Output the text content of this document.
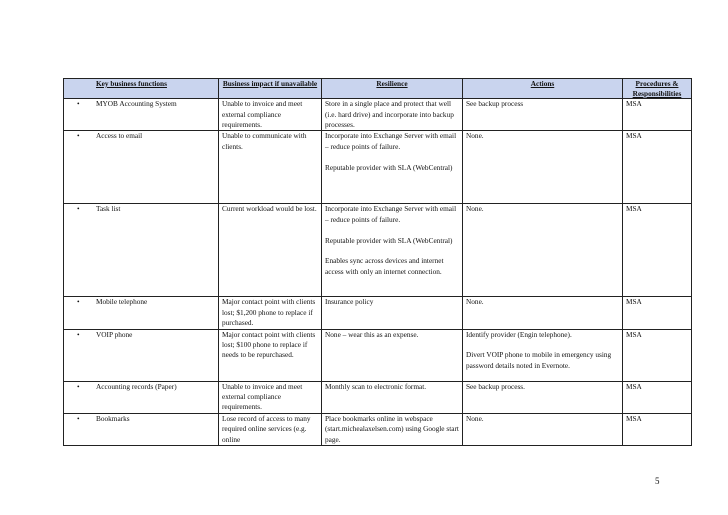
Key business functions	Business impact if unavailable	Resilience	Actions	Procedures & Responsibilities

• MYOB Accounting System	Unable to invoice and meet external compliance requirements.	Store in a single place and protect that well (i.e. hard drive) and incorporate into backup processes.	See backup process	MSA

• Access to email	Unable to communicate with clients.	Incorporate into Exchange Server with email – reduce points of failure.
Reputable provider with SLA (WebCentral)	None.	MSA

• Task list	Current workload would be lost.	Incorporate into Exchange Server with email – reduce points of failure.
Reputable provider with SLA (WebCentral)
Enables sync across devices and internet access with only an internet connection.	None.	MSA

• Mobile telephone	Major contact point with clients lost; $1,200 phone to replace if purchased.	Insurance policy	None.	MSA

• VOIP phone	Major contact point with clients lost; $100 phone to replace if needs to be repurchased.	None – wear this as an expense.	Identify provider (Engin telephone).
Divert VOIP phone to mobile in emergency using password details noted in Evernote.	MSA

• Accounting records (Paper)	Unable to invoice and meet external compliance requirements.	Monthly scan to electronic format.	See backup process.	MSA

• Bookmarks	Lose record of access to many required online services (e.g. online	Place bookmarks online in webspace (start.michealaxelsen.com) using Google start page.	None.	MSA
5
